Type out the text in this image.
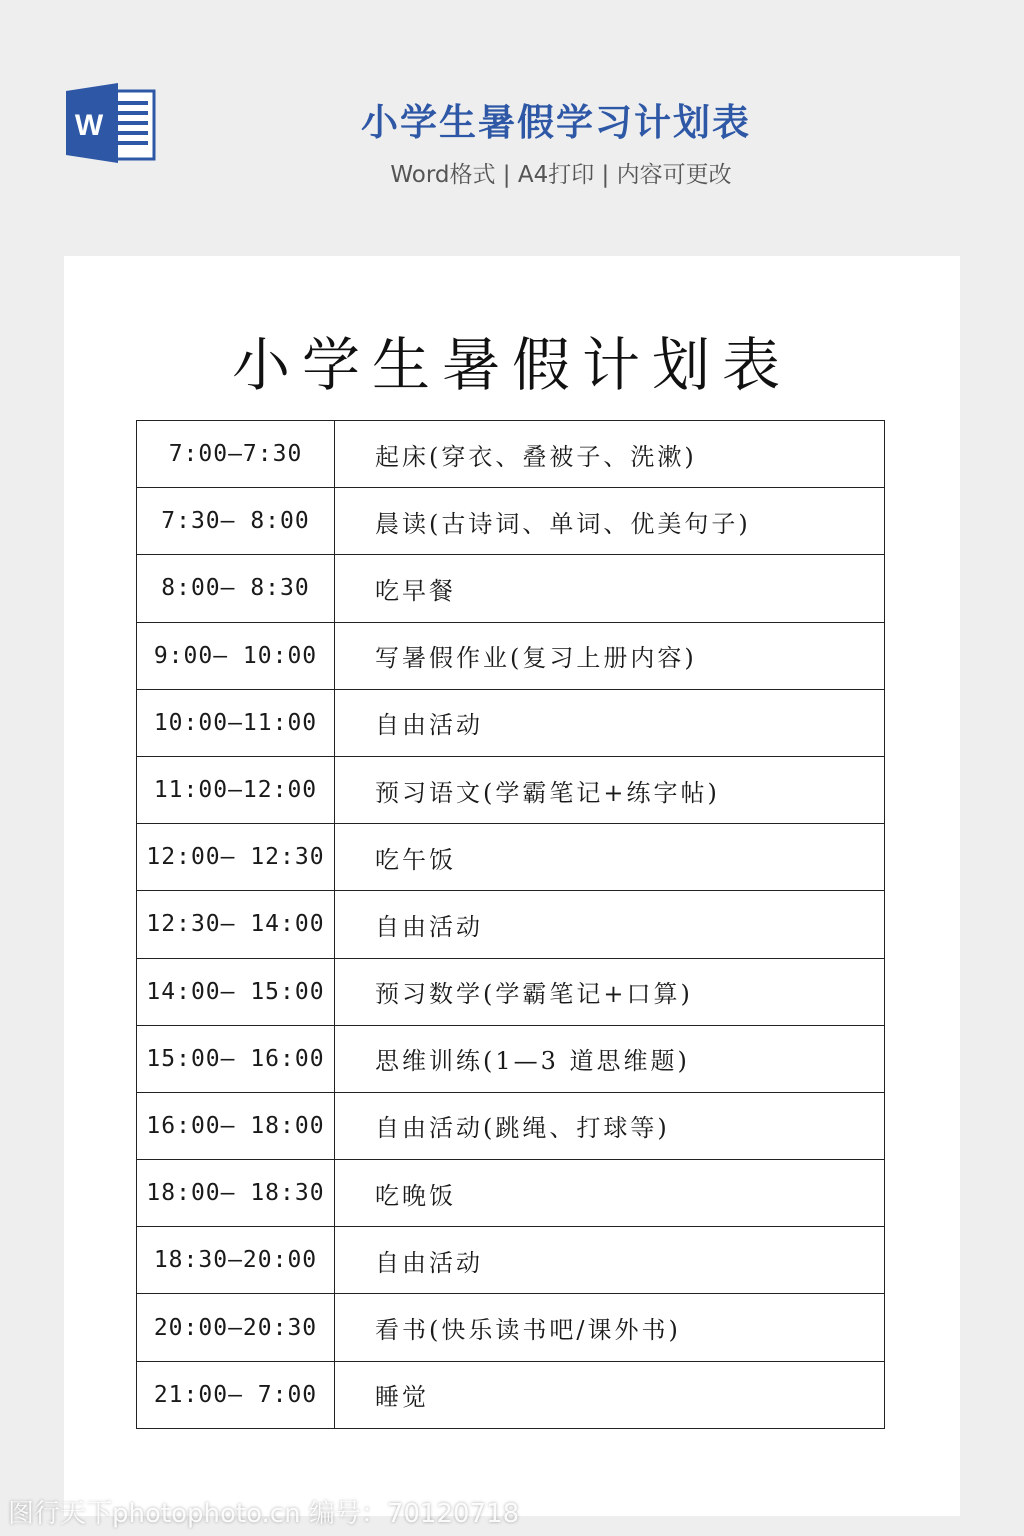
W	小学生暑假学习计划表
Word格式 | A4打印 | 内容可更改
小学生暑假计划表
7:00—7:30	起床(穿衣、叠被子、洗漱)
7:30— 8:00	晨读(古诗词、单词、优美句子)
8:00— 8:30	吃早餐
9:00— 10:00	写暑假作业(复习上册内容)
10:00—11:00	自由活动
11:00—12:00	预习语文(学霸笔记+练字帖)
12:00— 12:30	吃午饭
12:30— 14:00	自由活动
14:00— 15:00	预习数学(学霸笔记+口算)
15:00— 16:00	思维训练(1—3 道思维题)
16:00— 18:00	自由活动(跳绳、打球等)
18:00— 18:30	吃晚饭
18:30—20:00	自由活动
20:00—20:30	看书(快乐读书吧/课外书)
21:00— 7:00	睡觉
图行天下photophoto.cn 编号：70120718
